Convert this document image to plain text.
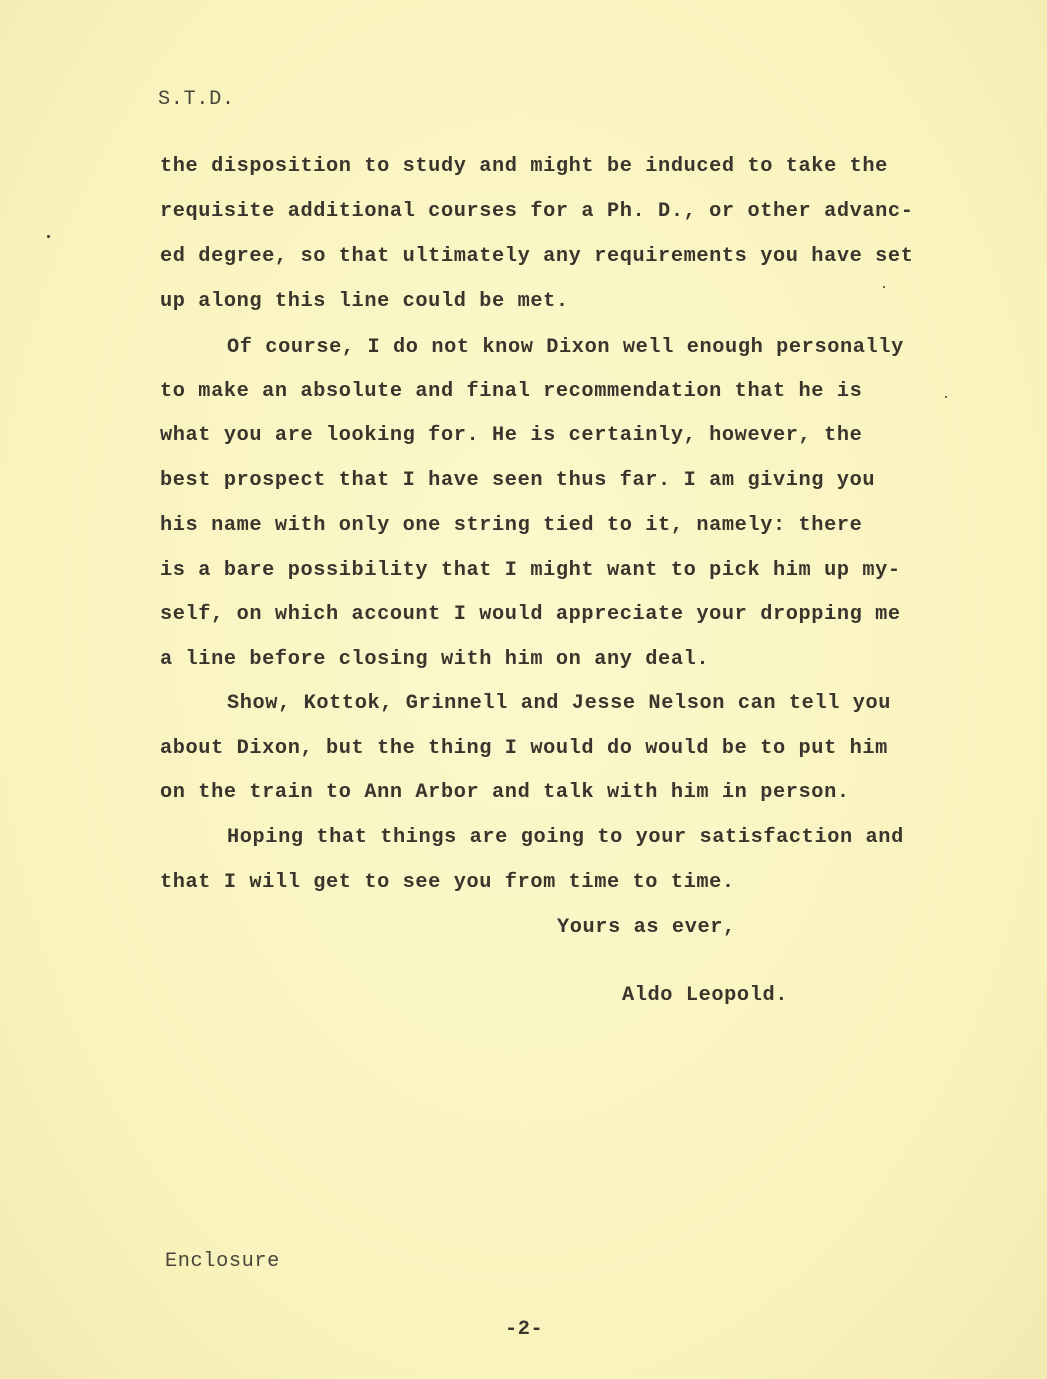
S.T.D.
the disposition to study and might be induced to take the
requisite additional courses for a Ph. D., or other advanc-
ed degree, so that ultimately any requirements you have set
up along this line could be met.
Of course, I do not know Dixon well enough personally
to make an absolute and final recommendation that he is
what you are looking for. He is certainly, however, the
best prospect that I have seen thus far. I am giving you
his name with only one string tied to it, namely: there
is a bare possibility that I might want to pick him up my-
self, on which account I would appreciate your dropping me
a line before closing with him on any deal.
Show, Kottok, Grinnell and Jesse Nelson can tell you
about Dixon, but the thing I would do would be to put him
on the train to Ann Arbor and talk with him in person.
Hoping that things are going to your satisfaction and
that I will get to see you from time to time.
Yours as ever,
Aldo Leopold.
Enclosure
-2-
